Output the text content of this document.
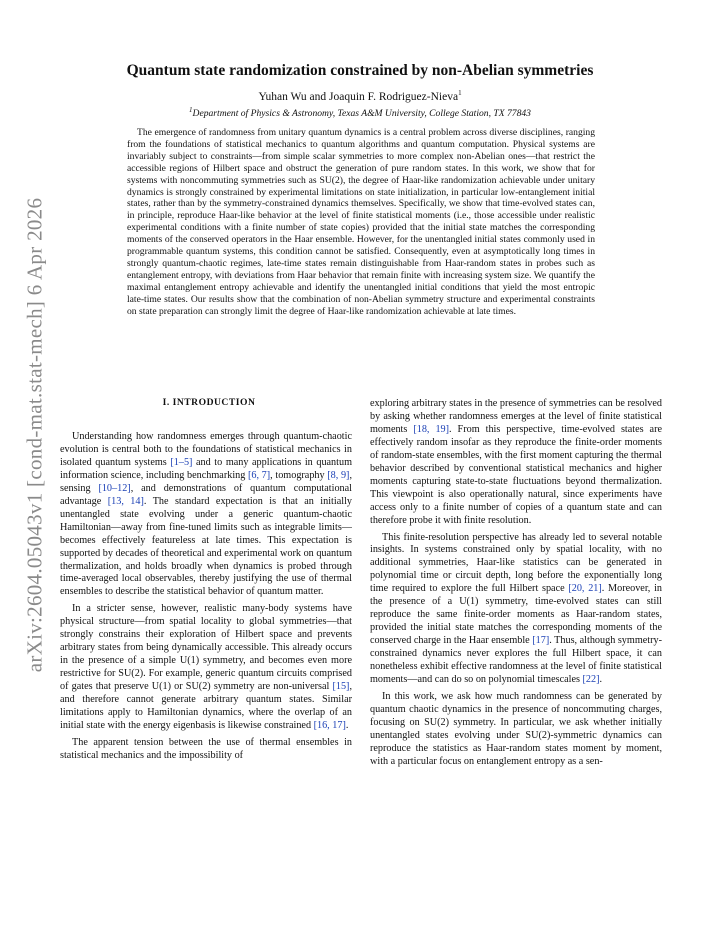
arXiv:2604.05043v1 [cond-mat.stat-mech] 6 Apr 2026
Quantum state randomization constrained by non-Abelian symmetries
Yuhan Wu and Joaquin F. Rodriguez-Nieva$^1$
$^1$Department of Physics & Astronomy, Texas A&M University, College Station, TX 77843
The emergence of randomness from unitary quantum dynamics is a central problem across diverse disciplines, ranging from the foundations of statistical mechanics to quantum algorithms and quantum computation. Physical systems are invariably subject to constraints—from simple scalar symmetries to more complex non-Abelian ones—that restrict the accessible regions of Hilbert space and obstruct the generation of pure random states. In this work, we show that for systems with noncommuting symmetries such as SU(2), the degree of Haar-like randomization achievable under unitary dynamics is strongly constrained by experimental limitations on state initialization, in particular low-entanglement initial states, rather than by the symmetry-constrained dynamics themselves. Specifically, we show that time-evolved states can, in principle, reproduce Haar-like behavior at the level of finite statistical moments (i.e., those accessible under realistic experimental conditions with a finite number of state copies) provided that the initial state matches the corresponding moments of the conserved operators in the Haar ensemble. However, for the unentangled initial states commonly used in programmable quantum systems, this condition cannot be satisfied. Consequently, even at asymptotically long times in strongly quantum-chaotic regimes, late-time states remain distinguishable from Haar-random states in probes such as entanglement entropy, with deviations from Haar behavior that remain finite with increasing system size. We quantify the maximal entanglement entropy achievable and identify the unentangled initial conditions that yield the most entropic late-time states. Our results show that the combination of non-Abelian symmetry structure and experimental constraints on state preparation can strongly limit the degree of Haar-like randomization achievable at late times.
I. INTRODUCTION

Understanding how randomness emerges through quantum-chaotic evolution is central both to the foundations of statistical mechanics in isolated quantum systems [1–5] and to many applications in quantum information science, including benchmarking [6, 7], tomography [8, 9], sensing [10–12], and demonstrations of quantum computational advantage [13, 14]. The standard expectation is that an initially unentangled state evolving under a generic quantum-chaotic Hamiltonian—away from fine-tuned limits such as integrable limits—becomes effectively featureless at late times. This expectation is supported by decades of theoretical and experimental work on quantum thermalization, and holds broadly when dynamics is probed through time-averaged local observables, thereby justifying the use of thermal ensembles to describe the statistical behavior of quantum matter.

In a stricter sense, however, realistic many-body systems have physical structure—from spatial locality to global symmetries—that strongly constrains their exploration of Hilbert space and prevents arbitrary states from being dynamically accessible. This already occurs in the presence of a simple U(1) symmetry, and becomes even more restrictive for SU(2). For example, generic quantum circuits comprised of gates that preserve U(1) or SU(2) symmetry are non-universal [15], and therefore cannot generate arbitrary quantum states. Similar limitations apply to Hamiltonian dynamics, where the overlap of an initial state with the energy eigenbasis is likewise constrained [16, 17].

The apparent tension between the use of thermal ensembles in statistical mechanics and the impossibility of

exploring arbitrary states in the presence of symmetries can be resolved by asking whether randomness emerges at the level of finite statistical moments [18, 19]. From this perspective, time-evolved states are effectively random insofar as they reproduce the finite-order moments of random-state ensembles, with the first moment capturing the thermal behavior described by conventional statistical mechanics and higher moments capturing state-to-state fluctuations beyond thermalization. This viewpoint is also operationally natural, since experiments have access only to a finite number of copies of a quantum state and can therefore probe it with finite resolution.

This finite-resolution perspective has already led to several notable insights. In systems constrained only by spatial locality, with no additional symmetries, Haar-like statistics can be generated in polynomial time or circuit depth, long before the exponentially long time required to explore the full Hilbert space [20, 21]. Moreover, in the presence of a U(1) symmetry, time-evolved states can still reproduce the same finite-order moments as Haar-random states, provided the initial state matches the corresponding moments of the conserved charge in the Haar ensemble [17]. Thus, although symmetry-constrained dynamics never explores the full Hilbert space, it can nonetheless exhibit effective randomness at the level of finite statistical moments—and can do so on polynomial timescales [22].

In this work, we ask how much randomness can be generated by quantum chaotic dynamics in the presence of noncommuting charges, focusing on SU(2) symmetry. In particular, we ask whether initially unentangled states evolving under SU(2)-symmetric dynamics can reproduce the statistics as Haar-random states moment by moment, with a particular focus on entanglement entropy as a sen-
